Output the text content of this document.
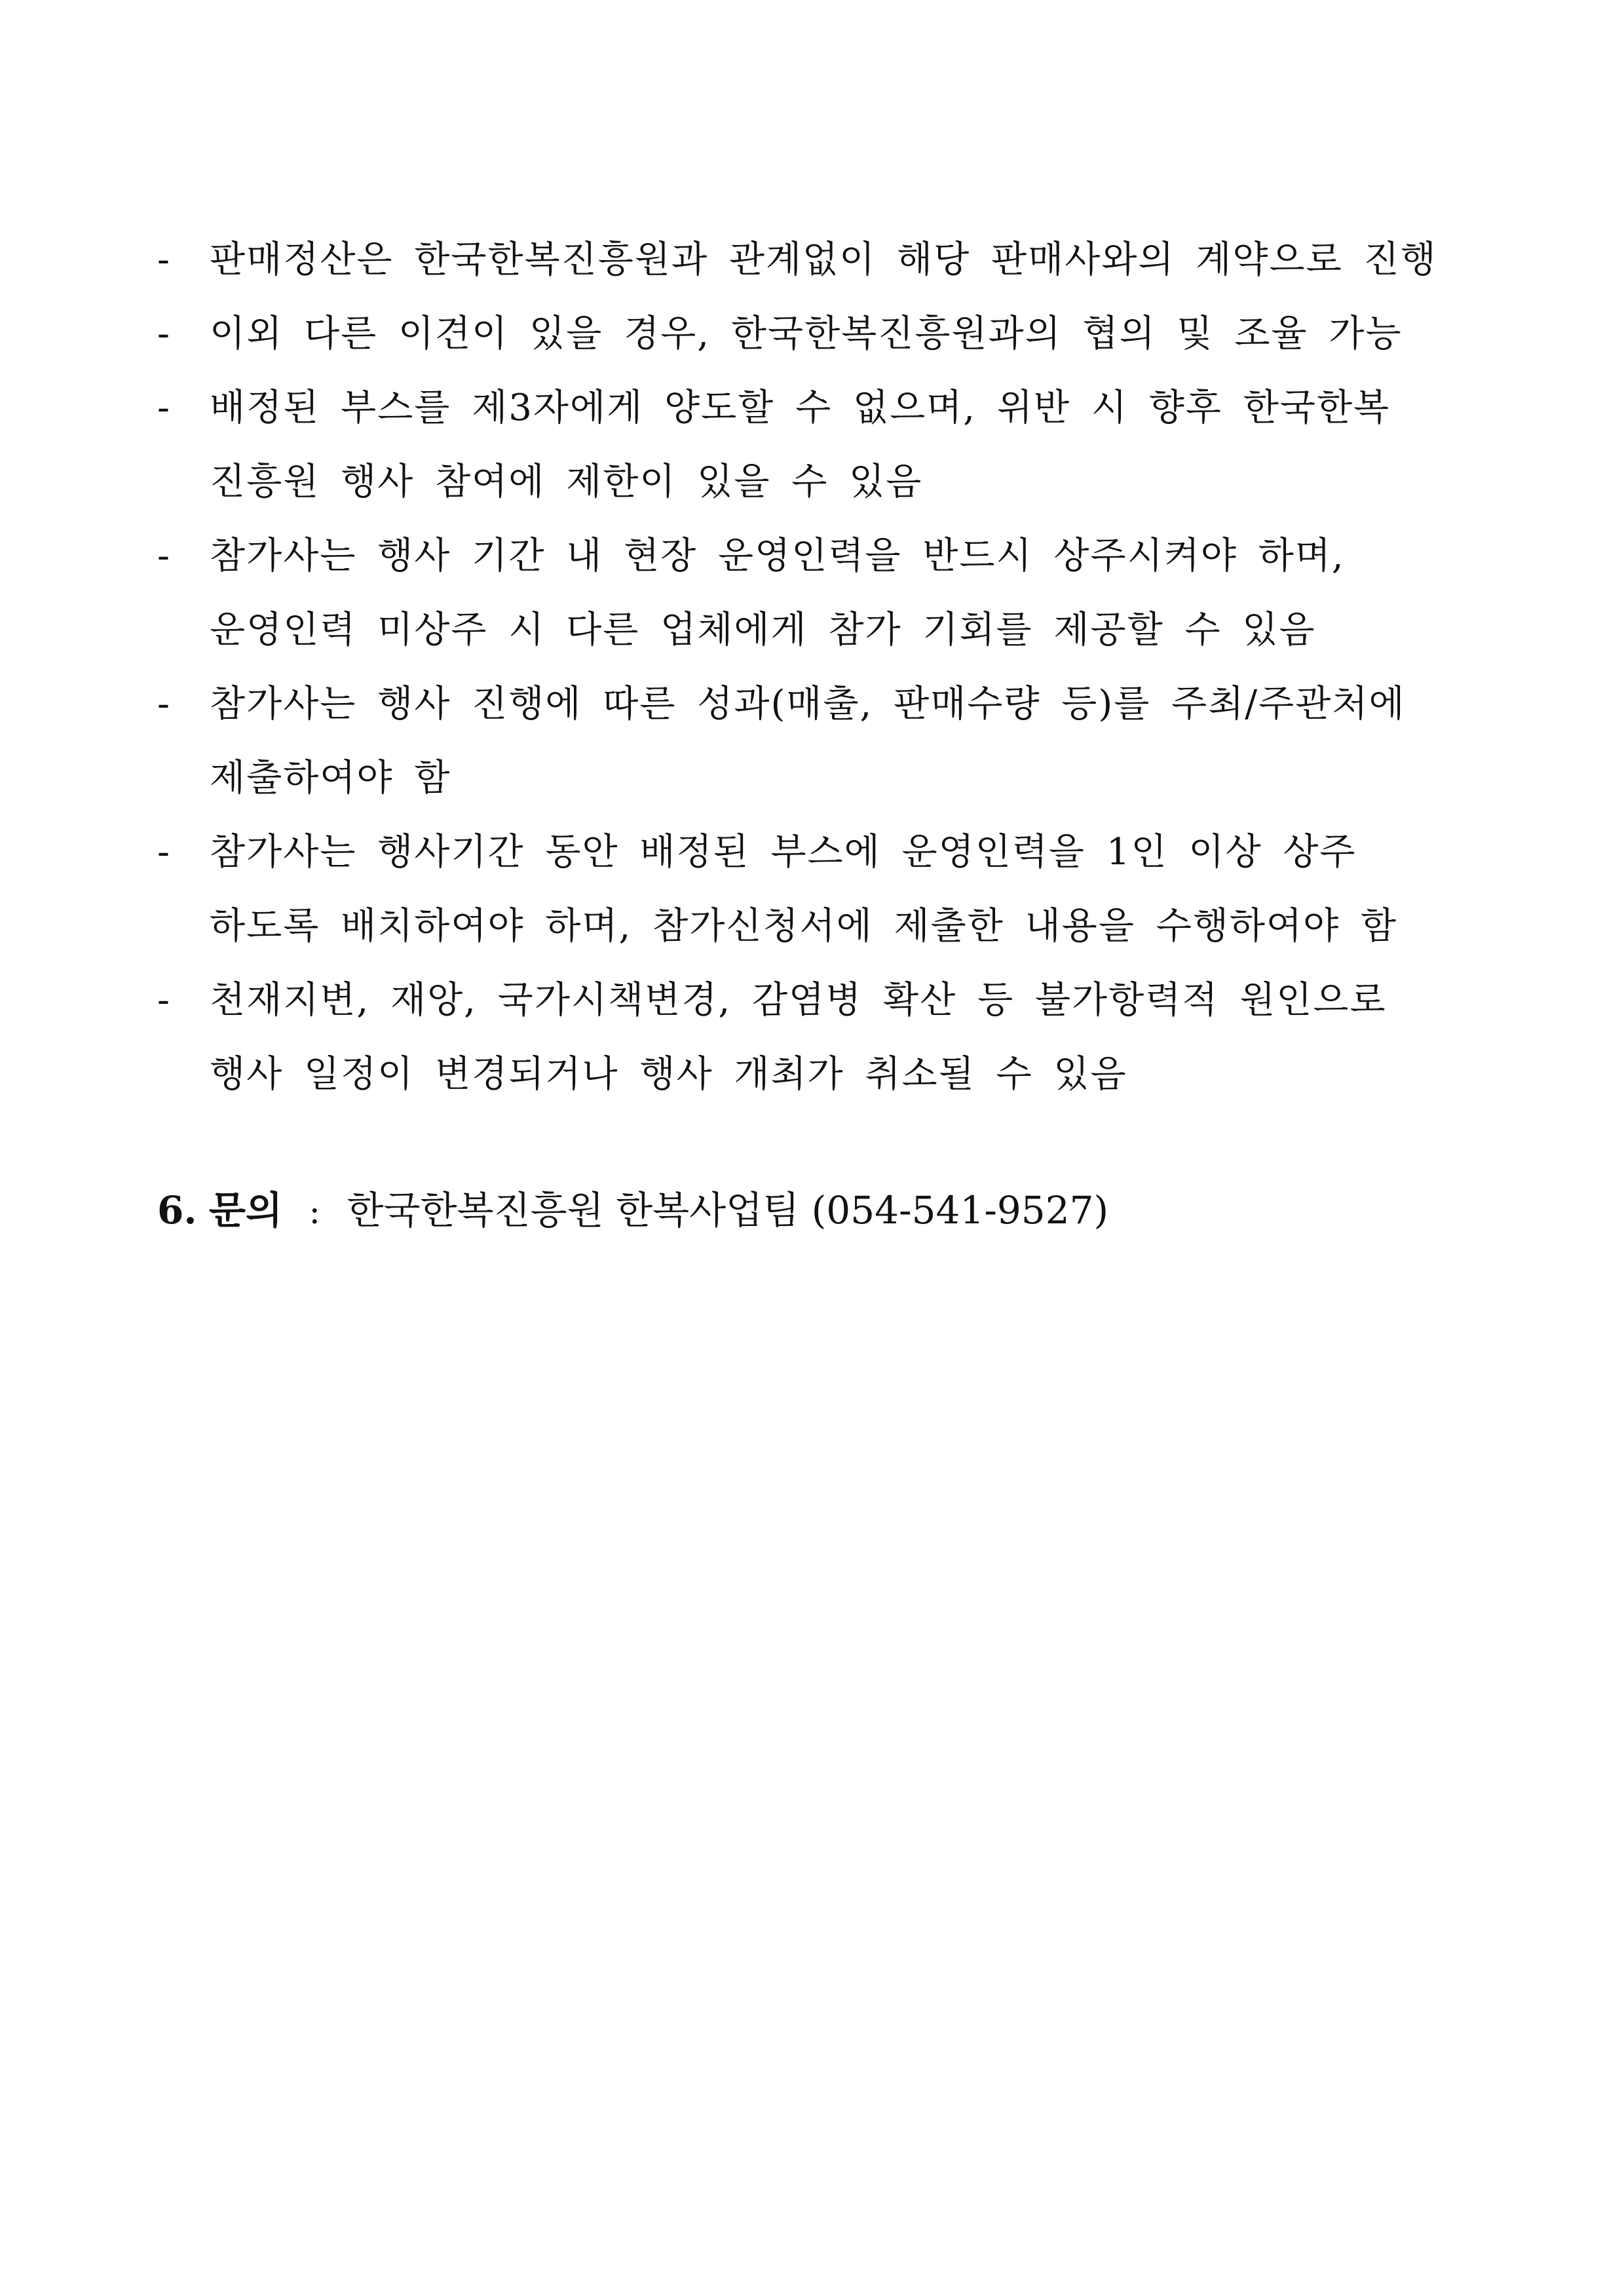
- 판매정산은 한국한복진흥원과 관계없이 해당 판매사와의 계약으로 진행
- 이외 다른 이견이 있을 경우, 한국한복진흥원과의 협의 및 조율 가능
- 배정된 부스를 제3자에게 양도할 수 없으며, 위반 시 향후 한국한복
진흥원 행사 참여에 제한이 있을 수 있음
- 참가사는 행사 기간 내 현장 운영인력을 반드시 상주시켜야 하며,
운영인력 미상주 시 다른 업체에게 참가 기회를 제공할 수 있음
- 참가사는 행사 진행에 따른 성과(매출, 판매수량 등)를 주최/주관처에
제출하여야 함
- 참가사는 행사기간 동안 배정된 부스에 운영인력을 1인 이상 상주
하도록 배치하여야 하며, 참가신청서에 제출한 내용을 수행하여야 함
- 천재지변, 재앙, 국가시책변경, 감염병 확산 등 불가항력적 원인으로
행사 일정이 변경되거나 행사 개최가 취소될 수 있음
6. 문의 : 한국한복진흥원 한복사업팀 (054-541-9527)
